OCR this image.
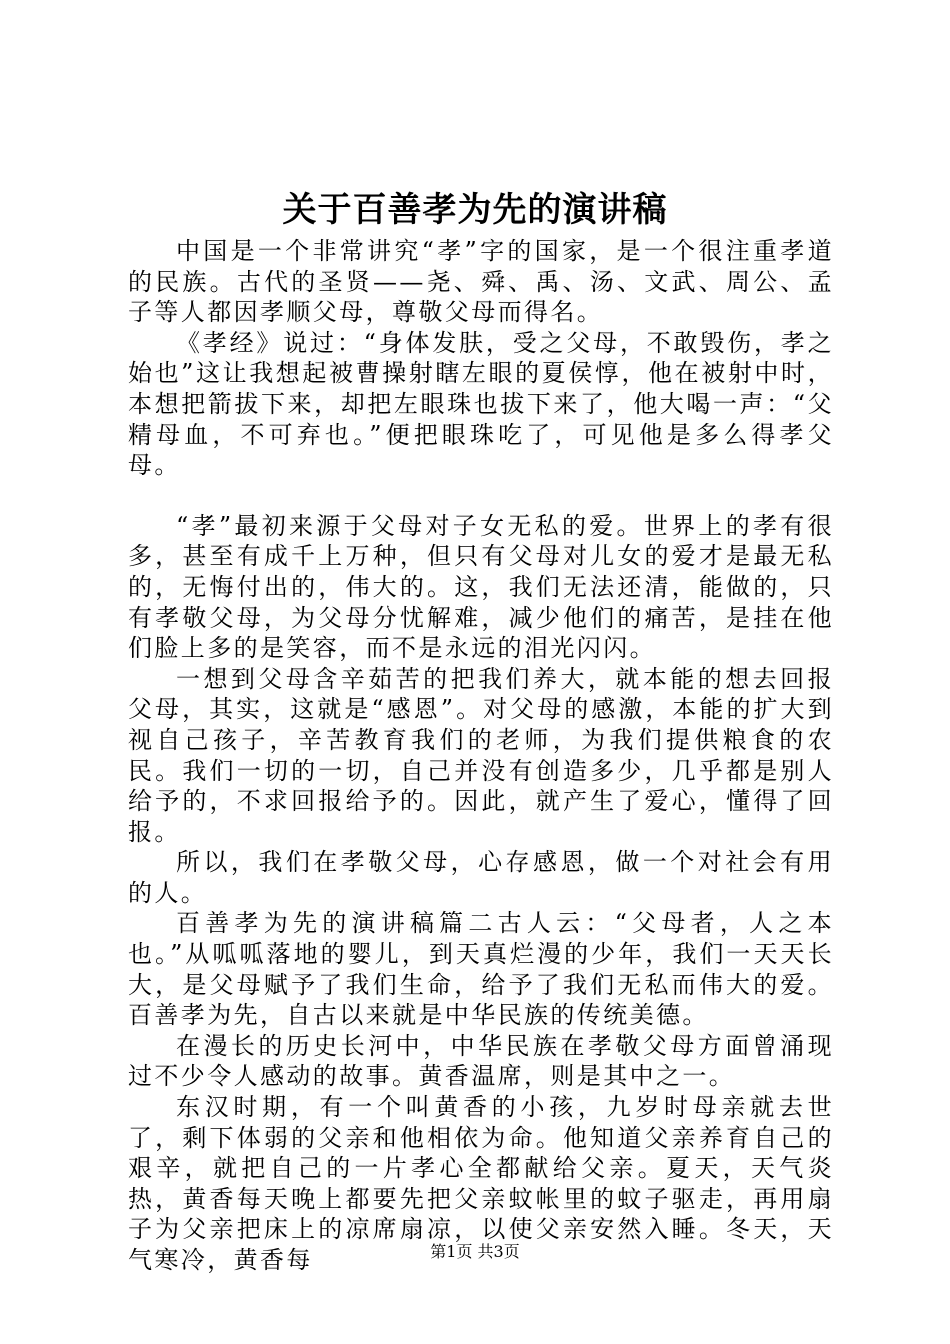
关于百善孝为先的演讲稿

中国是一个非常讲究“孝”字的国家，是一个很注重孝道的民族。古代的圣贤——尧、舜、禹、汤、文武、周公、孟子等人都因孝顺父母，尊敬父母而得名。

《孝经》说过：“身体发肤，受之父母，不敢毁伤，孝之始也”这让我想起被曹操射瞎左眼的夏侯惇，他在被射中时，本想把箭拔下来，却把左眼珠也拔下来了，他大喝一声：“父精母血，不可弃也。”便把眼珠吃了，可见他是多么得孝父母。

“孝”最初来源于父母对子女无私的爱。世界上的孝有很多，甚至有成千上万种，但只有父母对儿女的爱才是最无私的，无悔付出的，伟大的。这，我们无法还清，能做的，只有孝敬父母，为父母分忧解难，减少他们的痛苦，是挂在他们脸上多的是笑容，而不是永远的泪光闪闪。

一想到父母含辛茹苦的把我们养大，就本能的想去回报父母，其实，这就是“感恩”。对父母的感激，本能的扩大到视自己孩子，辛苦教育我们的老师，为我们提供粮食的农民。我们一切的一切，自己并没有创造多少，几乎都是别人给予的，不求回报给予的。因此，就产生了爱心，懂得了回报。

所以，我们在孝敬父母，心存感恩，做一个对社会有用的人。

百善孝为先的演讲稿篇二古人云：“父母者，人之本也。”从呱呱落地的婴儿，到天真烂漫的少年，我们一天天长大，是父母赋予了我们生命，给予了我们无私而伟大的爱。百善孝为先，自古以来就是中华民族的传统美德。

在漫长的历史长河中，中华民族在孝敬父母方面曾涌现过不少令人感动的故事。黄香温席，则是其中之一。

东汉时期，有一个叫黄香的小孩，九岁时母亲就去世了，剩下体弱的父亲和他相依为命。他知道父亲养育自己的艰辛，就把自己的一片孝心全都献给父亲。夏天，天气炎热，黄香每天晚上都要先把父亲蚊帐里的蚊子驱走，再用扇子为父亲把床上的凉席扇凉，以使父亲安然入睡。冬天，天气寒冷，黄香每	第1页 共3页
